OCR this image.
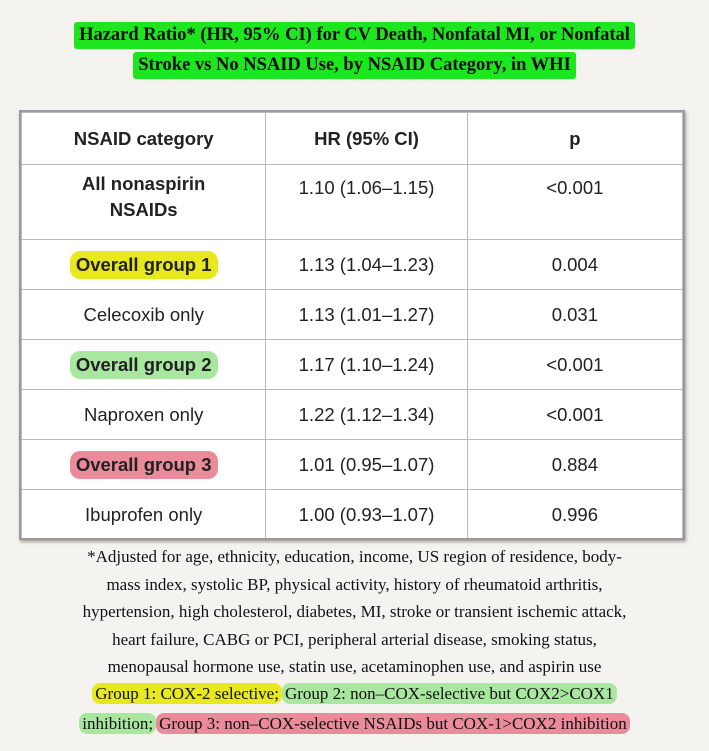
Hazard Ratio* (HR, 95% CI) for CV Death, Nonfatal MI, or Nonfatal
Stroke vs No NSAID Use, by NSAID Category, in WHI
NSAID category	HR (95% CI)	p
All nonaspirin
NSAIDs	1.10 (1.06–1.15)	<0.001
Overall group 1	1.13 (1.04–1.23)	0.004
Celecoxib only	1.13 (1.01–1.27)	0.031
Overall group 2	1.17 (1.10–1.24)	<0.001
Naproxen only	1.22 (1.12–1.34)	<0.001
Overall group 3	1.01 (0.95–1.07)	0.884
Ibuprofen only	1.00 (0.93–1.07)	0.996
*Adjusted for age, ethnicity, education, income, US region of residence, body-
mass index, systolic BP, physical activity, history of rheumatoid arthritis,
hypertension, high cholesterol, diabetes, MI, stroke or transient ischemic attack,
heart failure, CABG or PCI, peripheral arterial disease, smoking status,
menopausal hormone use, statin use, acetaminophen use, and aspirin use
Group 1: COX-2 selective; Group 2: non–COX-selective but COX2>COX1
inhibition; Group 3: non–COX-selective NSAIDs but COX-1>COX2 inhibition
